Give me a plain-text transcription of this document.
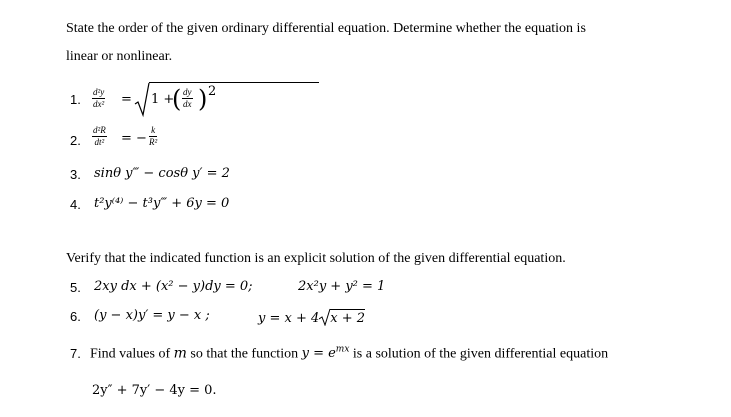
State the order of the given ordinary differential equation. Determine whether the equation is
linear or nonlinear.
1. $\frac{\text{d²y}}{\text{dx²}} = 1$ +
( $\frac{dy}{dx}$ ) 2
2. $\frac{\text{d²R}}{\text{dt²}}$ = − $\frac{k}{\text{R²}}$
3. sinθ y‴ − cosθ y′ = 2
4. t²y⁽⁴⁾ − t³y‴ + 6y = 0
Verify that the indicated function is an explicit solution of the given differential equation.
5. 2xy dx + (x² − y)dy = 0;	2x²y + y² = 1
6. (y − x)y′ = y − x ;	y = x + 4 x + 2
7. Find values of m so that the function $y = e^{mx}$ is a solution of the given differential equation
2y″ + 7y′ − 4y = 0.
